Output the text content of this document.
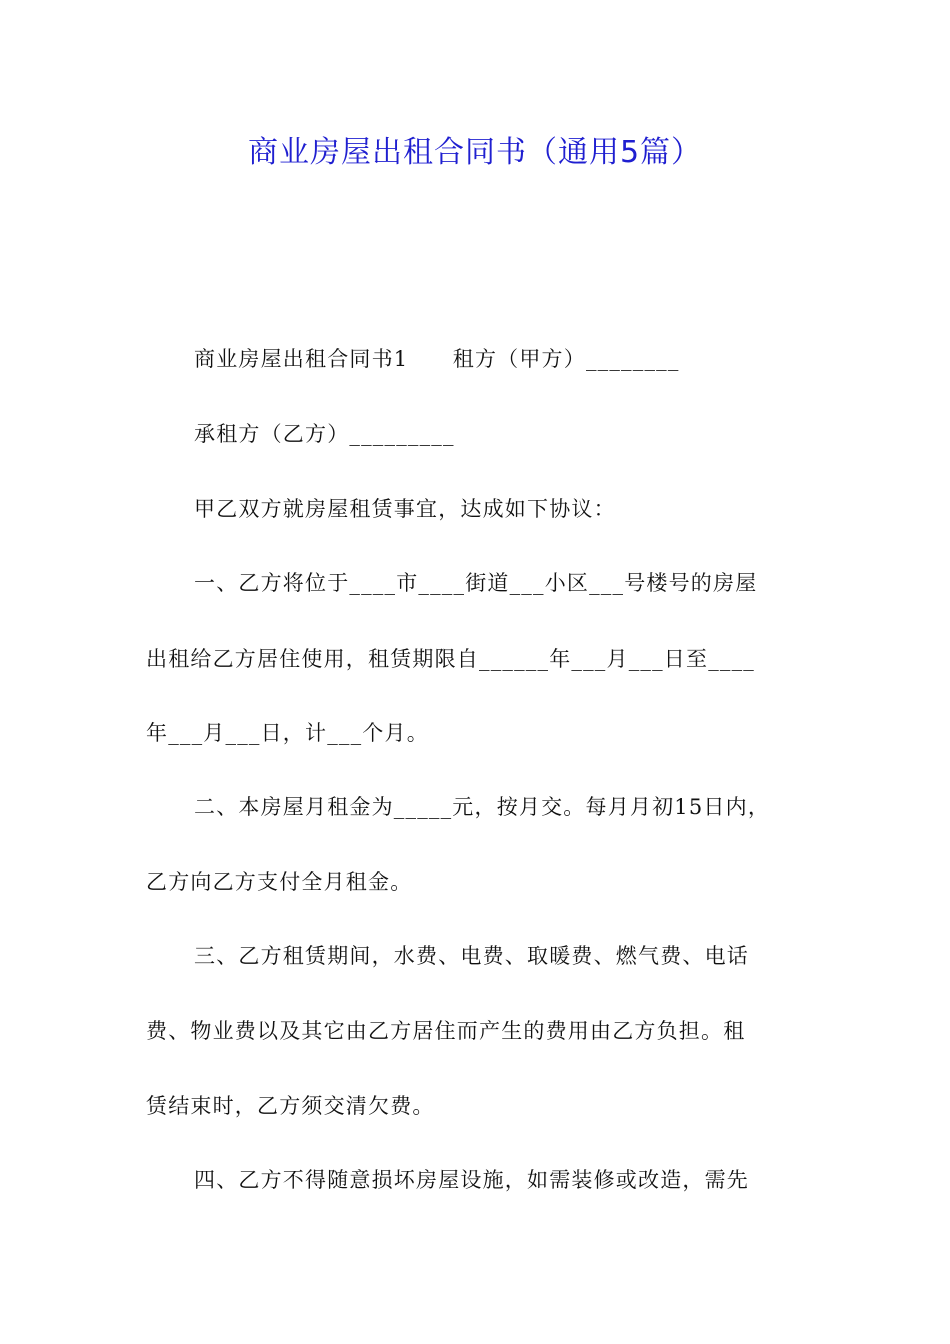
商业房屋出租合同书（通用5篇）
商业房屋出租合同书1　　租方（甲方）________
承租方（乙方）_________
甲乙双方就房屋租赁事宜，达成如下协议：
一、乙方将位于____市____街道___小区___号楼号的房屋
出租给乙方居住使用，租赁期限自______年___月___日至____
年___月___日，计___个月。
二、本房屋月租金为_____元，按月交。每月月初15日内，
乙方向乙方支付全月租金。
三、乙方租赁期间，水费、电费、取暖费、燃气费、电话
费、物业费以及其它由乙方居住而产生的费用由乙方负担。租
赁结束时，乙方须交清欠费。
四、乙方不得随意损坏房屋设施，如需装修或改造，需先
